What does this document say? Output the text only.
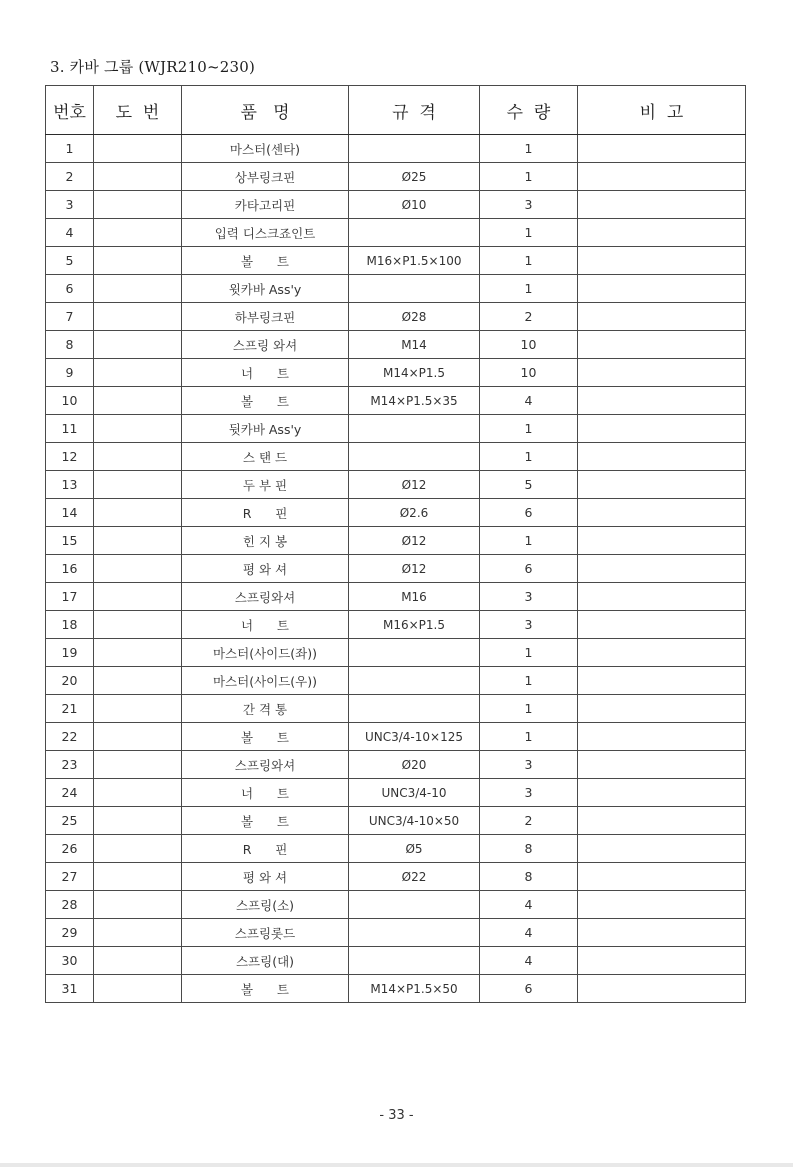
3. 카바 그룹 (WJR210~230)
번호	도  번	품   명	규  격	수  량	비  고
1		마스터(센타)		1	
2		상부링크핀	Ø25	1	
3		카타고리핀	Ø10	3	
4		입력 디스크죠인트		1	
5		볼      트	M16×P1.5×100	1	
6		윗카바 Ass'y		1	
7		하부링크핀	Ø28	2	
8		스프링 와셔	M14	10	
9		너      트	M14×P1.5	10	
10		볼      트	M14×P1.5×35	4	
11		뒷카바 Ass'y		1	
12		스 탠 드		1	
13		두 부 핀	Ø12	5	
14		R      핀	Ø2.6	6	
15		힌 지 봉	Ø12	1	
16		평 와 셔	Ø12	6	
17		스프링와셔	M16	3	
18		너      트	M16×P1.5	3	
19		마스터(사이드(좌))		1	
20		마스터(사이드(우))		1	
21		간 격 통		1	
22		볼      트	UNC3/4-10×125	1	
23		스프링와셔	Ø20	3	
24		너      트	UNC3/4-10	3	
25		볼      트	UNC3/4-10×50	2	
26		R      핀	Ø5	8	
27		평 와 셔	Ø22	8	
28		스프링(소)		4	
29		스프링롯드		4	
30		스프링(대)		4	
31		볼      트	M14×P1.5×50	6	
- 33 -
